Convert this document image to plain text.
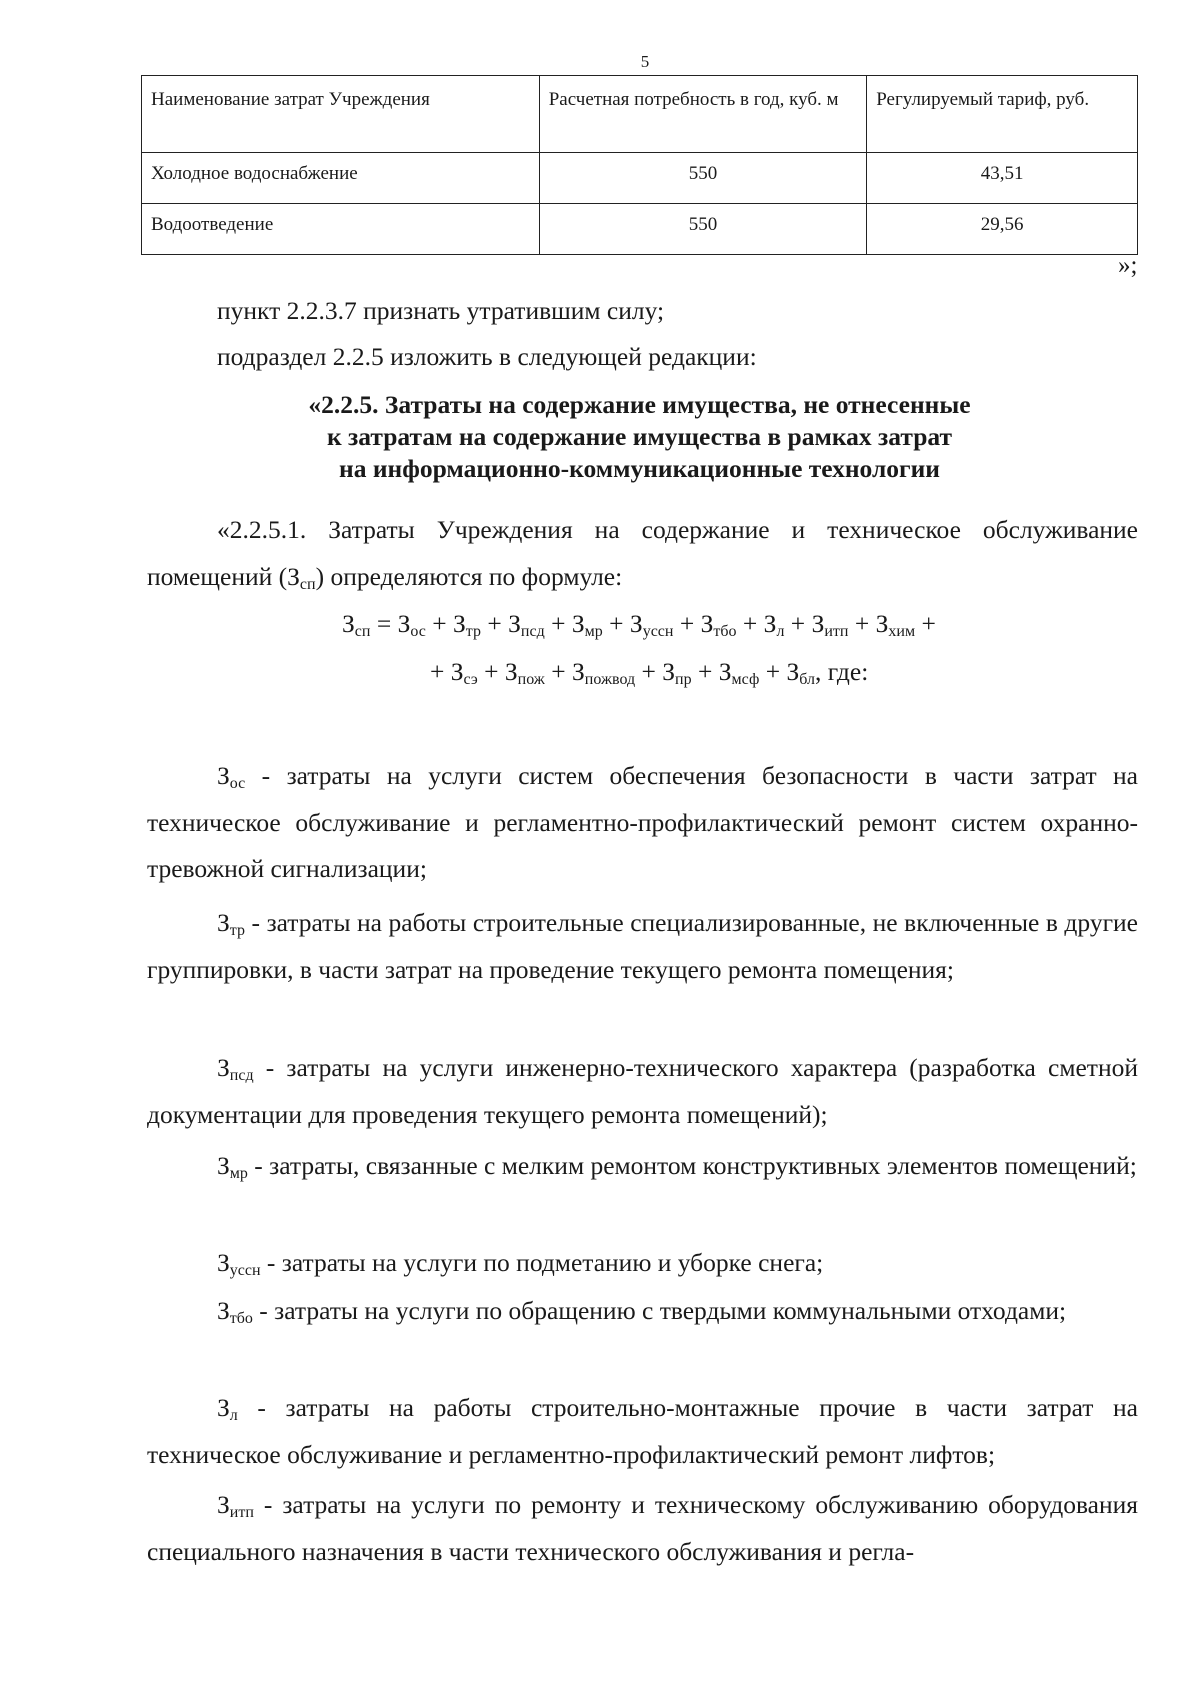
5
Наименование затрат Учреждения	Расчетная потребность в год, куб. м	Регулируемый тариф, руб.
Холодное водоснабжение	550	43,51
Водоотведение	550	29,56
»;
пункт 2.2.3.7 признать утратившим силу;
подраздел 2.2.5 изложить в следующей редакции:
«2.2.5. Затраты на содержание имущества, не отнесенные
к затратам на содержание имущества в рамках затрат
на информационно-коммуникационные технологии
«2.2.5.1. Затраты Учреждения на содержание и техническое обслуживание помещений $(З_{сп})$ определяются по формуле:
$З_{сп} = З_{ос} + З_{тр} + З_{псд} + З_{мр} + З_{уссн} + З_{тбо} + З_л + З_{итп} + З_{хим}$ +
+ $З_{сэ} + З_{пож} + З_{пожвод} + З_{пр} + З_{мсф} + З_{бл}$, где:
$З_{ос}$ - затраты на услуги систем обеспечения безопасности в части затрат на техническое обслуживание и регламентно-профилактический ремонт систем охранно-тревожной сигнализации;
$З_{тр}$ - затраты на работы строительные специализированные, не включенные в другие группировки, в части затрат на проведение текущего ремонта помещения;
$З_{псд}$ - затраты на услуги инженерно-технического характера (разработка сметной документации для проведения текущего ремонта помещений);
$З_{мр}$ - затраты, связанные с мелким ремонтом конструктивных элементов помещений;
$З_{уссн}$ - затраты на услуги по подметанию и уборке снега;
$З_{тбо}$ - затраты на услуги по обращению с твердыми коммунальными отходами;
$З_л$ - затраты на работы строительно-монтажные прочие в части затрат на техническое обслуживание и регламентно-профилактический ремонт лифтов;
$З_{итп}$ - затраты на услуги по ремонту и техническому обслуживанию оборудования специального назначения в части технического обслуживания и регла-
